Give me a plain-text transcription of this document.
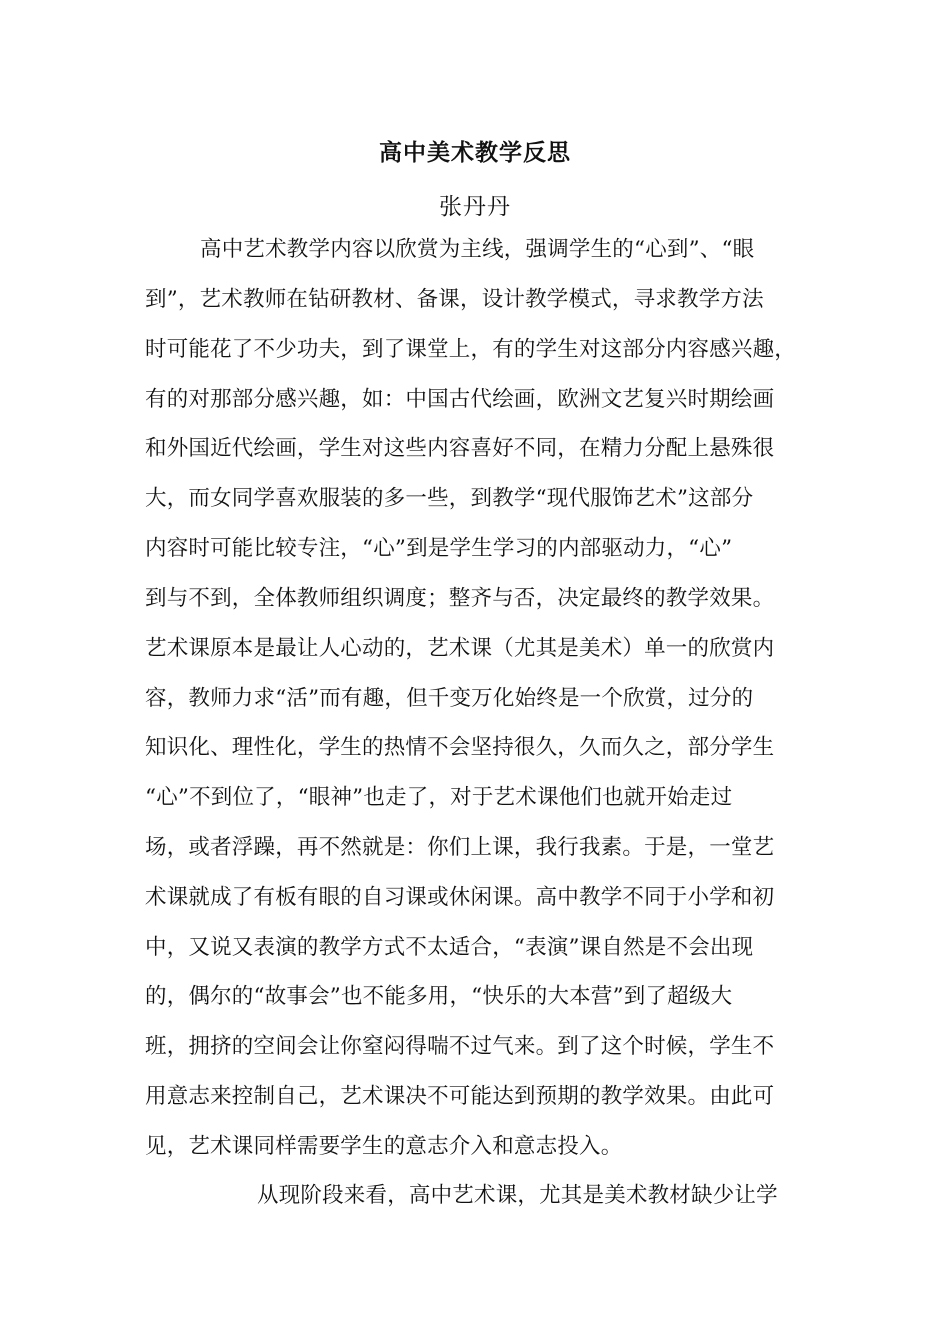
高中美术教学反思
张丹丹
高中艺术教学内容以欣赏为主线，强调学生的“心到”、“眼
到”，艺术教师在钻研教材、备课，设计教学模式，寻求教学方法
时可能花了不少功夫，到了课堂上，有的学生对这部分内容感兴趣，
有的对那部分感兴趣，如：中国古代绘画，欧洲文艺复兴时期绘画
和外国近代绘画，学生对这些内容喜好不同，在精力分配上悬殊很
大，而女同学喜欢服装的多一些，到教学“现代服饰艺术”这部分
内容时可能比较专注，“心”到是学生学习的内部驱动力，“心”
到与不到，全体教师组织调度；整齐与否，决定最终的教学效果。
艺术课原本是最让人心动的，艺术课（尤其是美术）单一的欣赏内
容，教师力求“活”而有趣，但千变万化始终是一个欣赏，过分的
知识化、理性化，学生的热情不会坚持很久，久而久之，部分学生
“心”不到位了，“眼神”也走了，对于艺术课他们也就开始走过
场，或者浮躁，再不然就是：你们上课，我行我素。于是，一堂艺
术课就成了有板有眼的自习课或休闲课。高中教学不同于小学和初
中，又说又表演的教学方式不太适合，“表演”课自然是不会出现
的，偶尔的“故事会”也不能多用，“快乐的大本营”到了超级大
班，拥挤的空间会让你窒闷得喘不过气来。到了这个时候，学生不
用意志来控制自己，艺术课决不可能达到预期的教学效果。由此可
见，艺术课同样需要学生的意志介入和意志投入。
从现阶段来看，高中艺术课，尤其是美术教材缺少让学
